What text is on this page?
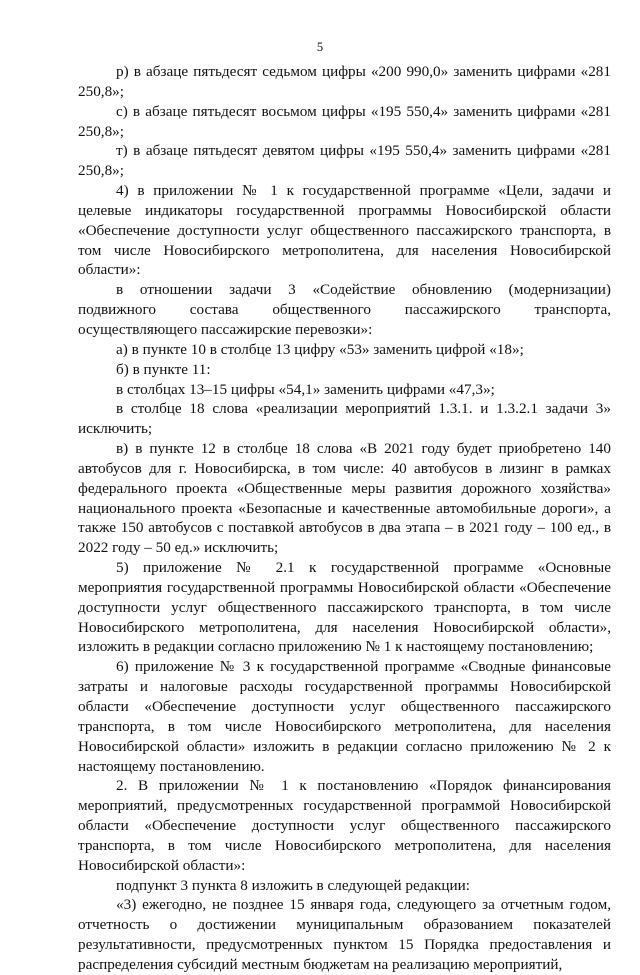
5

р) в абзаце пятьдесят седьмом цифры «200 990,0» заменить цифрами «281 250,8»;

с) в абзаце пятьдесят восьмом цифры «195 550,4» заменить цифрами «281 250,8»;

т) в абзаце пятьдесят девятом цифры «195 550,4» заменить цифрами «281 250,8»;

4) в приложении № 1 к государственной программе «Цели, задачи и целевые индикаторы государственной программы Новосибирской области «Обеспечение доступности услуг общественного пассажирского транспорта, в том числе Новосибирского метрополитена, для населения Новосибирской области»:

в отношении задачи 3 «Содействие обновлению (модернизации) подвижного состава общественного пассажирского транспорта, осуществляющего пассажирские перевозки»:

а) в пункте 10 в столбце 13 цифру «53» заменить цифрой «18»;

б) в пункте 11:

в столбцах 13–15 цифры «54,1» заменить цифрами «47,3»;

в столбце 18 слова «реализации мероприятий 1.3.1. и 1.3.2.1 задачи 3» исключить;

в) в пункте 12 в столбце 18 слова «В 2021 году будет приобретено 140 автобусов для г. Новосибирска, в том числе: 40 автобусов в лизинг в рамках федерального проекта «Общественные меры развития дорожного хозяйства» национального проекта «Безопасные и качественные автомобильные дороги», а также 150 автобусов с поставкой автобусов в два этапа – в 2021 году – 100 ед., в 2022 году – 50 ед.» исключить;

5) приложение № 2.1 к государственной программе «Основные мероприятия государственной программы Новосибирской области «Обеспечение доступности услуг общественного пассажирского транспорта, в том числе Новосибирского метрополитена, для населения Новосибирской области», изложить в редакции согласно приложению № 1 к настоящему постановлению;

6) приложение № 3 к государственной программе «Сводные финансовые затраты и налоговые расходы государственной программы Новосибирской области «Обеспечение доступности услуг общественного пассажирского транспорта, в том числе Новосибирского метрополитена, для населения Новосибирской области» изложить в редакции согласно приложению № 2 к настоящему постановлению.

2. В приложении № 1 к постановлению «Порядок финансирования мероприятий, предусмотренных государственной программой Новосибирской области «Обеспечение доступности услуг общественного пассажирского транспорта, в том числе Новосибирского метрополитена, для населения Новосибирской области»:

подпункт 3 пункта 8 изложить в следующей редакции:

«3) ежегодно, не позднее 15 января года, следующего за отчетным годом, отчетность о достижении муниципальным образованием показателей результативности, предусмотренных пунктом 15 Порядка предоставления и распределения субсидий местным бюджетам на реализацию мероприятий,
